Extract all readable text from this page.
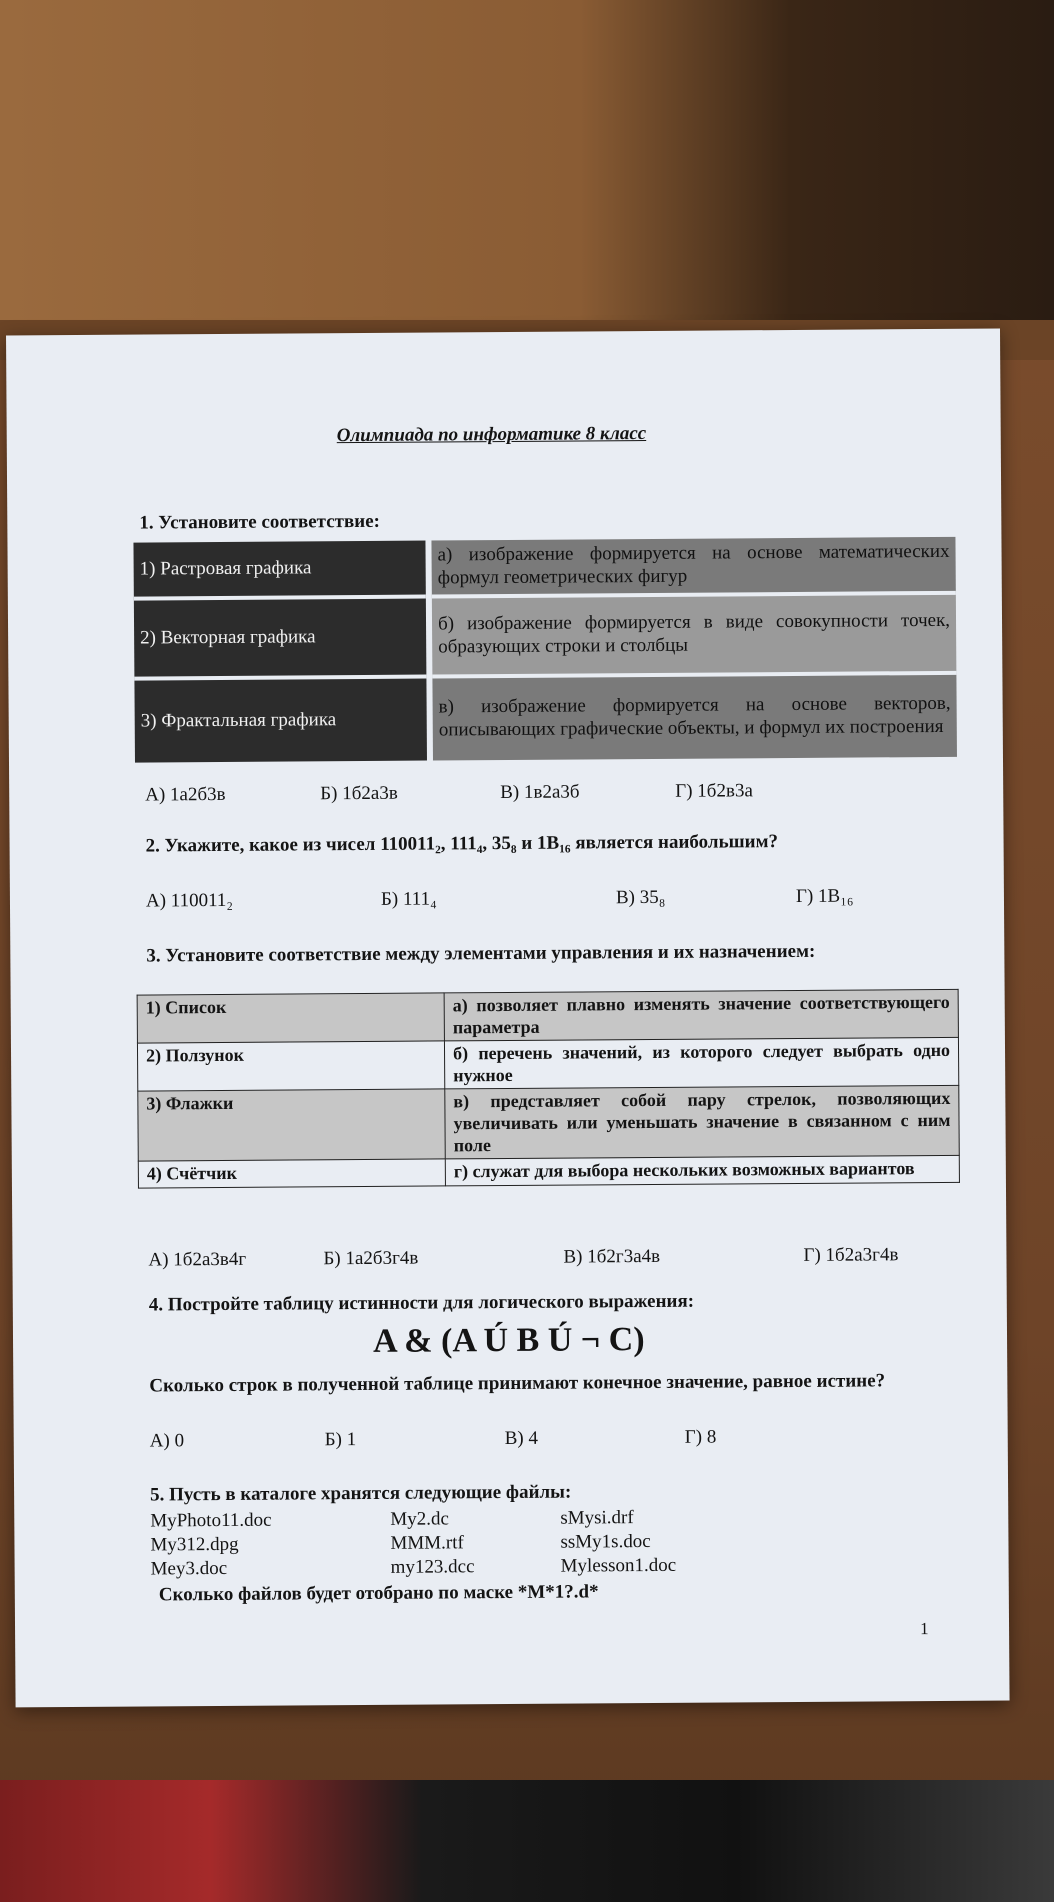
Олимпиада по информатике 8 класс
1. Установите соответствие:
1) Растровая графика	а) изображение формируется на основе математических формул геометрических фигур
2) Векторная графика	б) изображение формируется в виде совокупности точек, образующих строки и столбцы
3) Фрактальная графика	в) изображение формируется на основе векторов, описывающих графические объекты, и формул их построения
А) 1а2б3в	Б) 1б2а3в	В) 1в2а3б	Г) 1б2в3а
2. Укажите, какое из чисел 110011₂, 111₄, 35₈ и 1В₁₆ является наибольшим?
А) 110011₂	Б) 111₄	В) 35₈	Г) 1В₁₆
3. Установите соответствие между элементами управления и их назначением:
1) Список	а) позволяет плавно изменять значение соответствующего параметра
2) Ползунок	б) перечень значений, из которого следует выбрать одно нужное
3) Флажки	в) представляет собой пару стрелок, позволяющих увеличивать или уменьшать значение в связанном с ним поле
4) Счётчик	г) служат для выбора нескольких возможных вариантов
А) 1б2а3в4г	Б) 1а2б3г4в	В) 1б2г3а4в	Г) 1б2а3г4в
4. Постройте таблицу истинности для логического выражения:
A & (A Ú B Ú ¬ C)
Сколько строк в полученной таблице принимают конечное значение, равное истине?
А) 0	Б) 1	В) 4	Г) 8
5. Пусть в каталоге хранятся следующие файлы:
MyPhoto11.doc	My2.dc	sMysi.drf
My312.dpg	MMM.rtf	ssMy1s.doc
Mey3.doc	my123.dcc	Mylesson1.doc
Сколько файлов будет отобрано по маске *M*1?.d*
1
